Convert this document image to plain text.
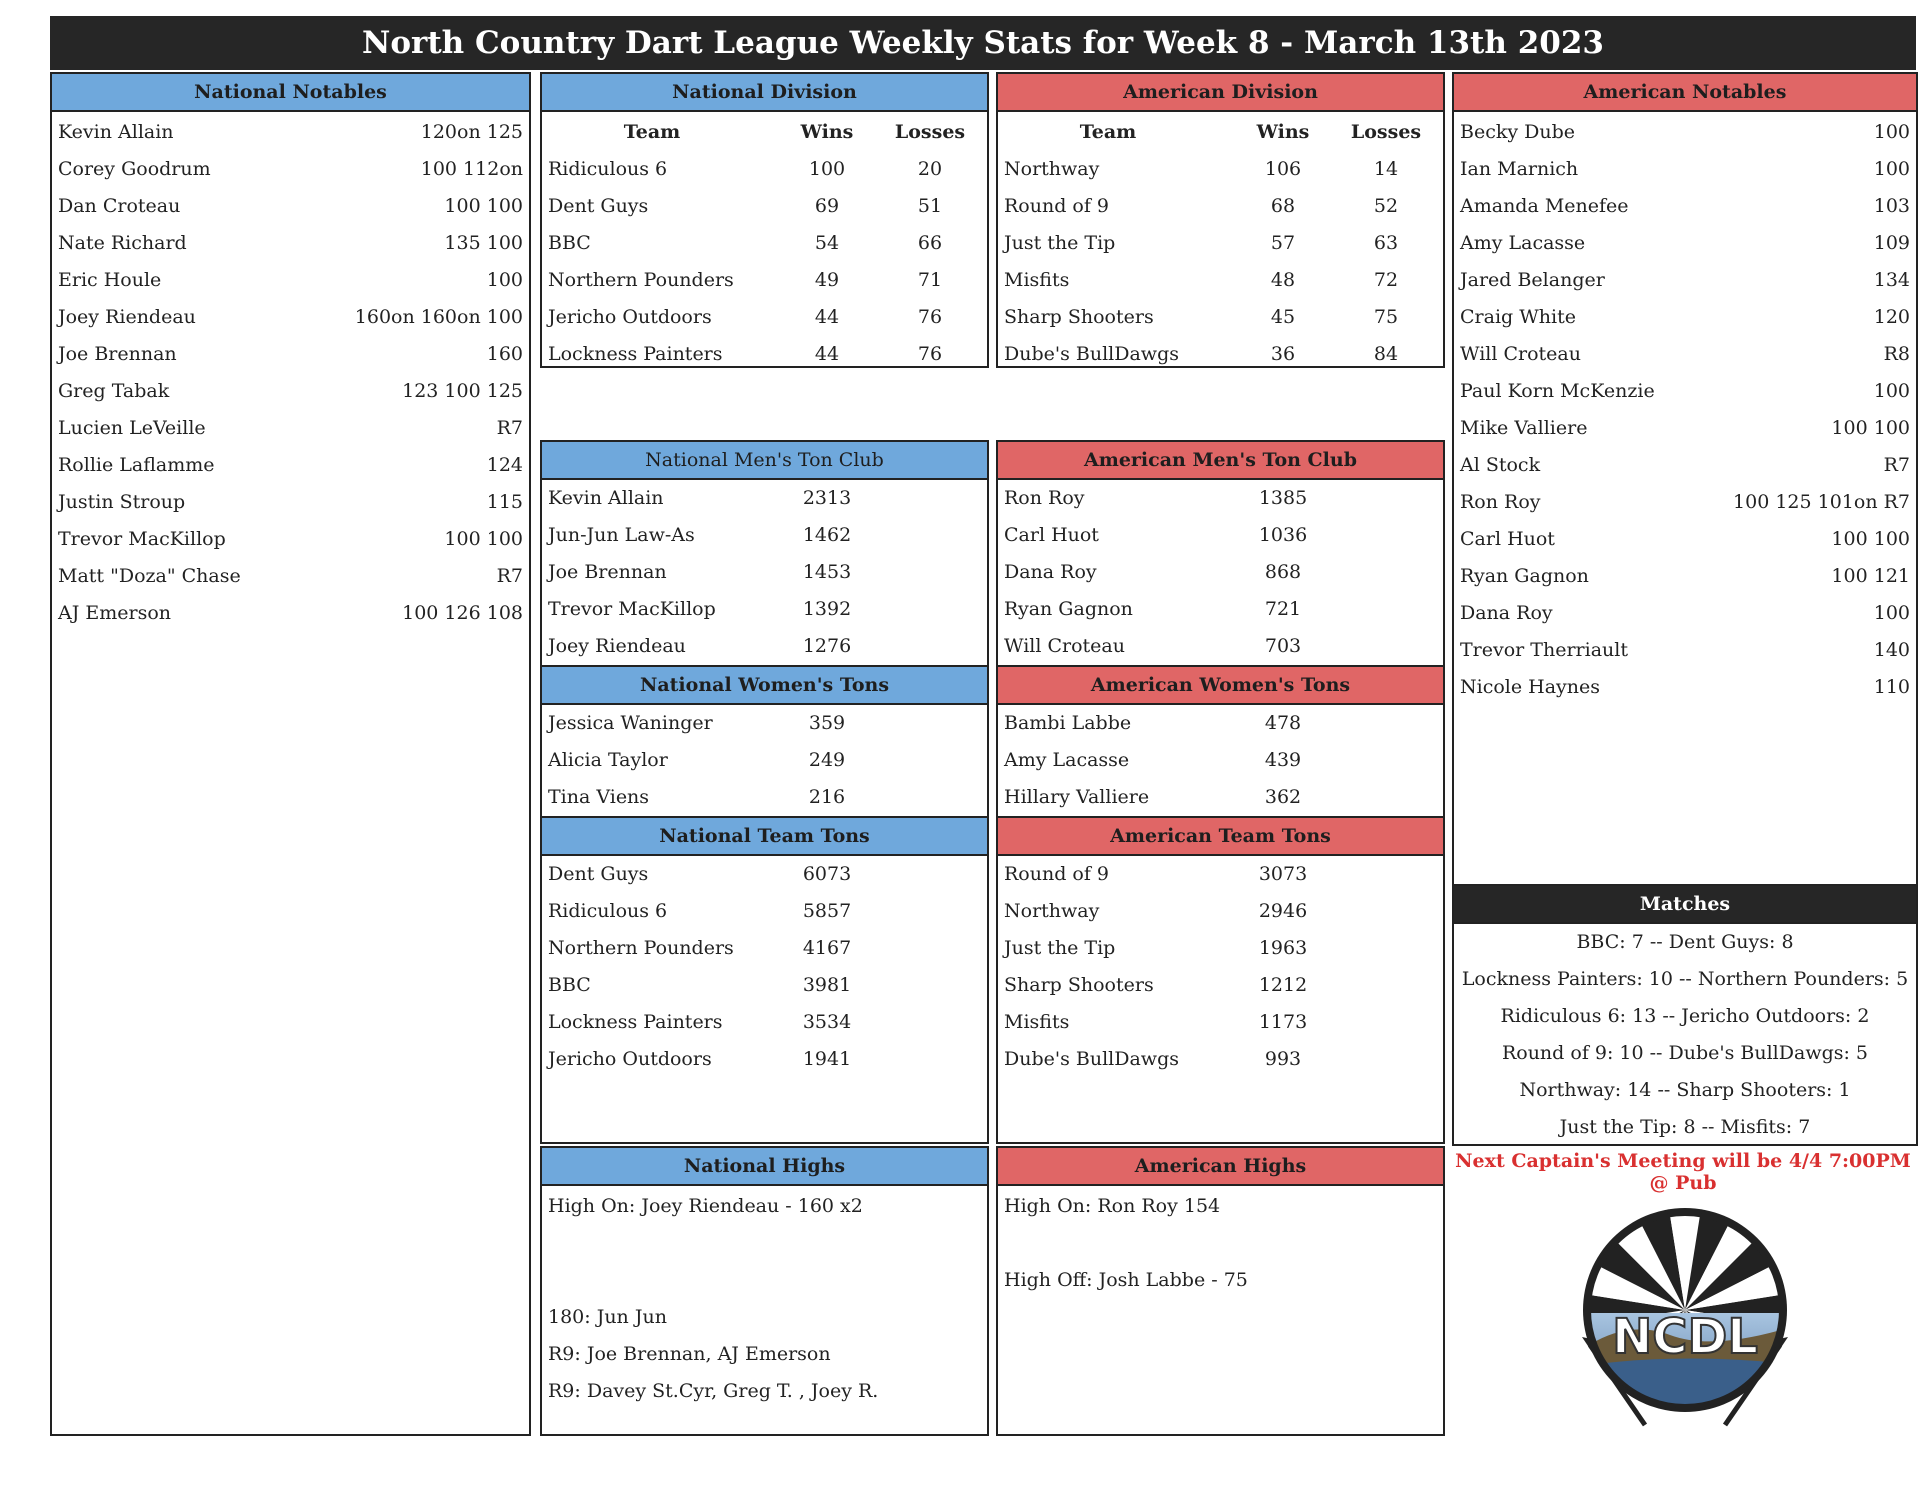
North Country Dart League Weekly Stats for Week 8 - March 13th 2023
National Notables
Kevin Allain	120on 125
Corey Goodrum	100 112on
Dan Croteau	100 100
Nate Richard	135 100
Eric Houle	100
Joey Riendeau	160on 160on 100
Joe Brennan	160
Greg Tabak	123 100 125
Lucien LeVeille	R7
Rollie Laflamme	124
Justin Stroup	115
Trevor MacKillop	100 100
Matt "Doza" Chase	R7
AJ Emerson	100 126 108
National Division
Team	Wins	Losses
Ridiculous 6	100	20
Dent Guys	69	51
BBC	54	66
Northern Pounders	49	71
Jericho Outdoors	44	76
Lockness Painters	44	76
American Division
Team	Wins	Losses
Northway	106	14
Round of 9	68	52
Just the Tip	57	63
Misfits	48	72
Sharp Shooters	45	75
Dube's BullDawgs	36	84
American Notables
Becky Dube	100
Ian Marnich	100
Amanda Menefee	103
Amy Lacasse	109
Jared Belanger	134
Craig White	120
Will Croteau	R8
Paul Korn McKenzie	100
Mike Valliere	100 100
Al Stock	R7
Ron Roy	100 125 101on R7
Carl Huot	100 100
Ryan Gagnon	100 121
Dana Roy	100
Trevor Therriault	140
Nicole Haynes	110
Matches
BBC: 7 -- Dent Guys: 8
Lockness Painters: 10 -- Northern Pounders: 5
Ridiculous 6: 13 -- Jericho Outdoors: 2
Round of 9: 10 -- Dube's BullDawgs: 5
Northway: 14 -- Sharp Shooters: 1
Just the Tip: 8 -- Misfits: 7
National Men's Ton Club
Kevin Allain	2313
Jun-Jun Law-As	1462
Joe Brennan	1453
Trevor MacKillop	1392
Joey Riendeau	1276
National Women's Tons
Jessica Waninger	359
Alicia Taylor	249
Tina Viens	216
National Team Tons
Dent Guys	6073
Ridiculous 6	5857
Northern Pounders	4167
BBC	3981
Lockness Painters	3534
Jericho Outdoors	1941
American Men's Ton Club
Ron Roy	1385
Carl Huot	1036
Dana Roy	868
Ryan Gagnon	721
Will Croteau	703
American Women's Tons
Bambi Labbe	478
Amy Lacasse	439
Hillary Valliere	362
American Team Tons
Round of 9	3073
Northway	2946
Just the Tip	1963
Sharp Shooters	1212
Misfits	1173
Dube's BullDawgs	993
National Highs
High On: Joey Riendeau - 160 x2
180: Jun Jun
R9: Joe Brennan, AJ Emerson
R9: Davey St.Cyr, Greg T. , Joey R.
American Highs
High On: Ron Roy 154
High Off: Josh Labbe - 75
Next Captain's Meeting will be 4/4 7:00PM @ Pub
NCDL
